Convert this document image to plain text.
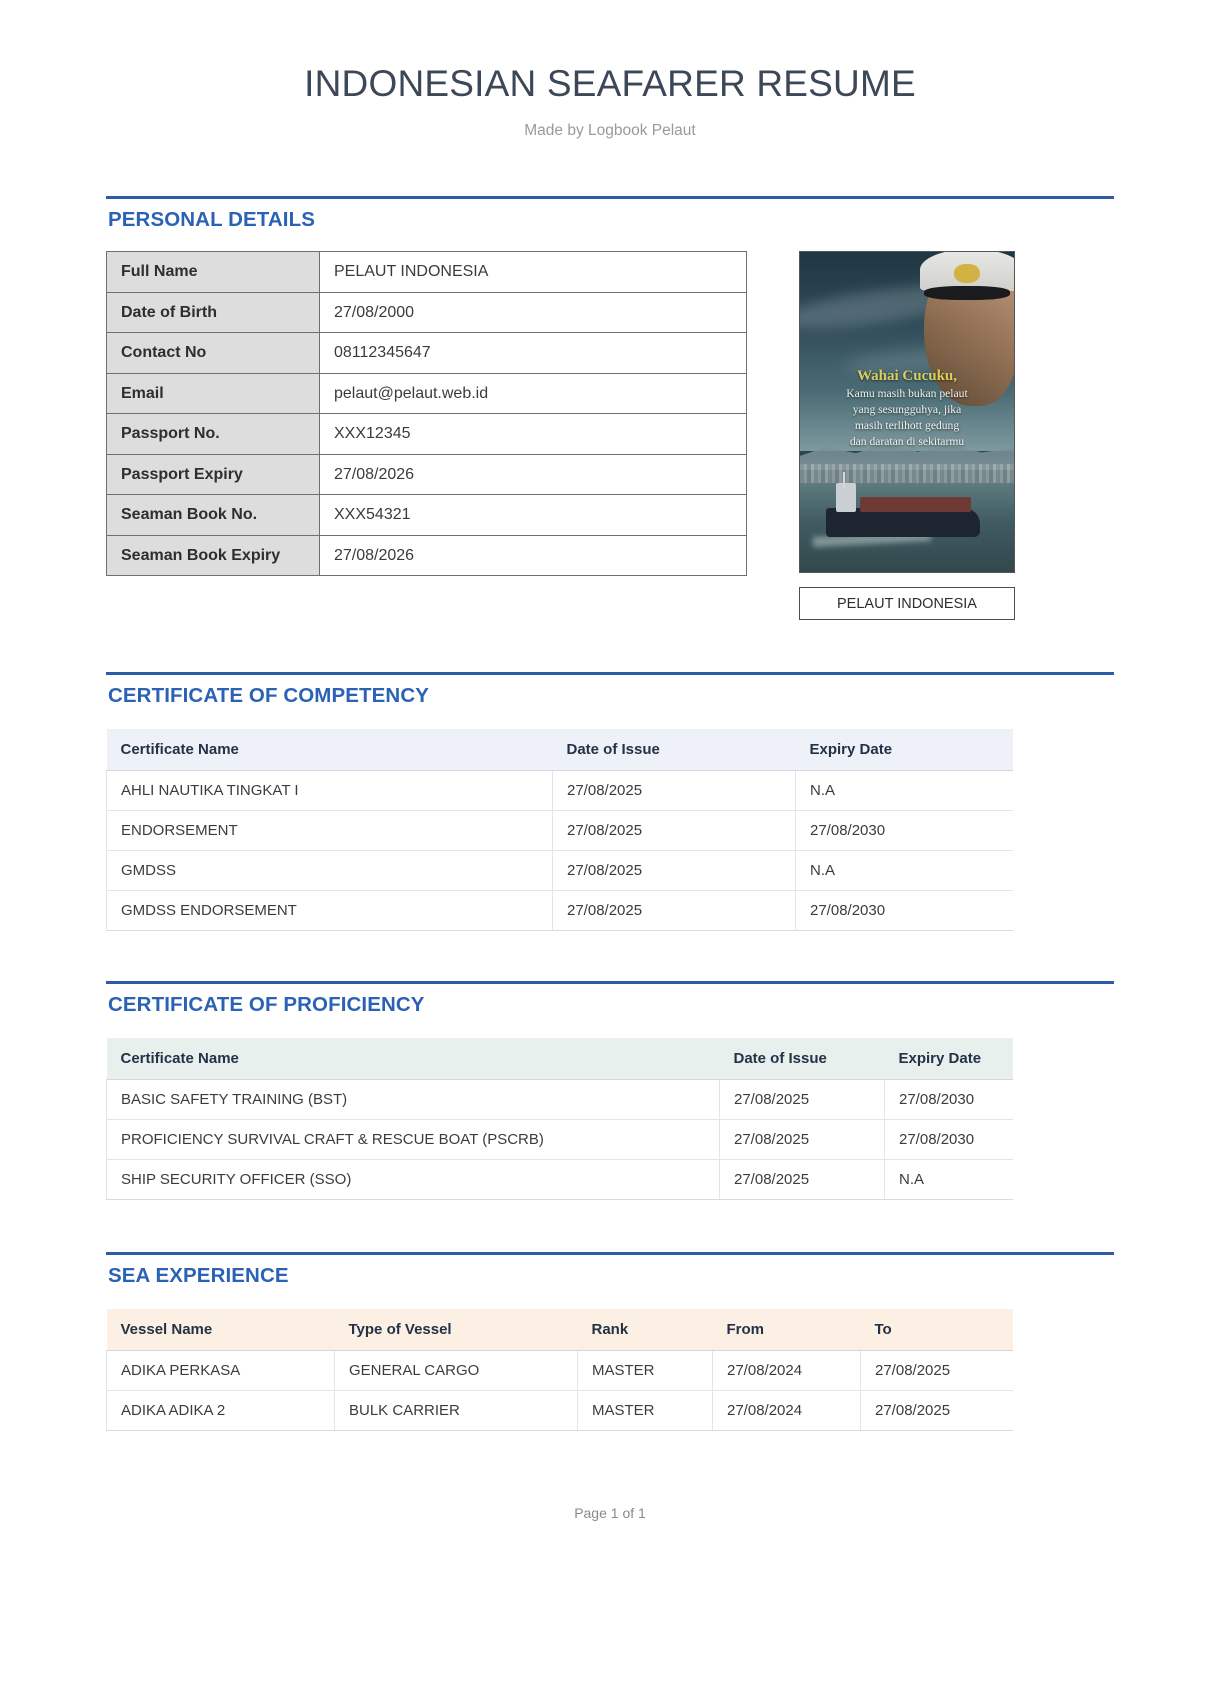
INDONESIAN SEAFARER RESUME

Made by Logbook Pelaut

PERSONAL DETAILS
Full Name	PELAUT INDONESIA
Date of Birth	27/08/2000
Contact No	08112345647
Email	pelaut@pelaut.web.id
Passport No.	XXX12345
Passport Expiry	27/08/2026
Seaman Book No.	XXX54321
Seaman Book Expiry	27/08/2026
Wahai Cucuku,
Kamu masih bukan pelaut
yang sesungguhya, jika
masih terlihott gedung
dan daratan di sekitarmu
PELAUT INDONESIA
CERTIFICATE OF COMPETENCY
Certificate Name	Date of Issue	Expiry Date
AHLI NAUTIKA TINGKAT I	27/08/2025	N.A
ENDORSEMENT	27/08/2025	27/08/2030
GMDSS	27/08/2025	N.A
GMDSS ENDORSEMENT	27/08/2025	27/08/2030
CERTIFICATE OF PROFICIENCY
Certificate Name	Date of Issue	Expiry Date
BASIC SAFETY TRAINING (BST)	27/08/2025	27/08/2030
PROFICIENCY SURVIVAL CRAFT & RESCUE BOAT (PSCRB)	27/08/2025	27/08/2030
SHIP SECURITY OFFICER (SSO)	27/08/2025	N.A
SEA EXPERIENCE
Vessel Name	Type of Vessel	Rank	From	To
ADIKA PERKASA	GENERAL CARGO	MASTER	27/08/2024	27/08/2025
ADIKA ADIKA 2	BULK CARRIER	MASTER	27/08/2024	27/08/2025
Page 1 of 1
